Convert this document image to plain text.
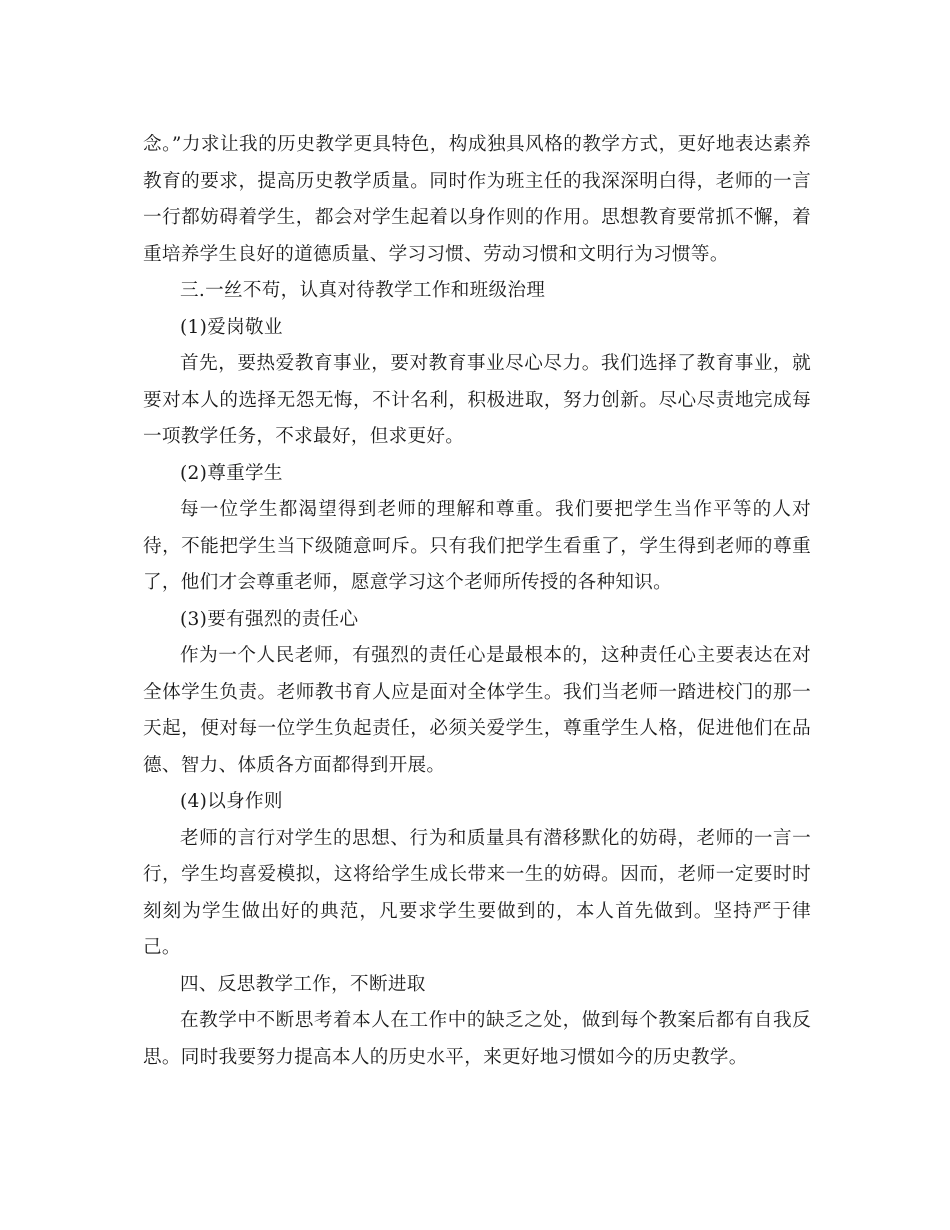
念。”力求让我的历史教学更具特色，构成独具风格的教学方式，更好地表达素养教育的要求，提高历史教学质量。同时作为班主任的我深深明白得，老师的一言一行都妨碍着学生，都会对学生起着以身作则的作用。思想教育要常抓不懈，着重培养学生良好的道德质量、学习习惯、劳动习惯和文明行为习惯等。

三.一丝不苟，认真对待教学工作和班级治理

(1)爱岗敬业

首先，要热爱教育事业，要对教育事业尽心尽力。我们选择了教育事业，就要对本人的选择无怨无悔，不计名利，积极进取，努力创新。尽心尽责地完成每一项教学任务，不求最好，但求更好。

(2)尊重学生

每一位学生都渴望得到老师的理解和尊重。我们要把学生当作平等的人对待，不能把学生当下级随意呵斥。只有我们把学生看重了，学生得到老师的尊重了，他们才会尊重老师，愿意学习这个老师所传授的各种知识。

(3)要有强烈的责任心

作为一个人民老师，有强烈的责任心是最根本的，这种责任心主要表达在对全体学生负责。老师教书育人应是面对全体学生。我们当老师一踏进校门的那一天起，便对每一位学生负起责任，必须关爱学生，尊重学生人格，促进他们在品德、智力、体质各方面都得到开展。

(4)以身作则

老师的言行对学生的思想、行为和质量具有潜移默化的妨碍，老师的一言一行，学生均喜爱模拟，这将给学生成长带来一生的妨碍。因而，老师一定要时时刻刻为学生做出好的典范，凡要求学生要做到的，本人首先做到。坚持严于律己。

四、反思教学工作，不断进取

在教学中不断思考着本人在工作中的缺乏之处，做到每个教案后都有自我反思。同时我要努力提高本人的历史水平，来更好地习惯如今的历史教学。
